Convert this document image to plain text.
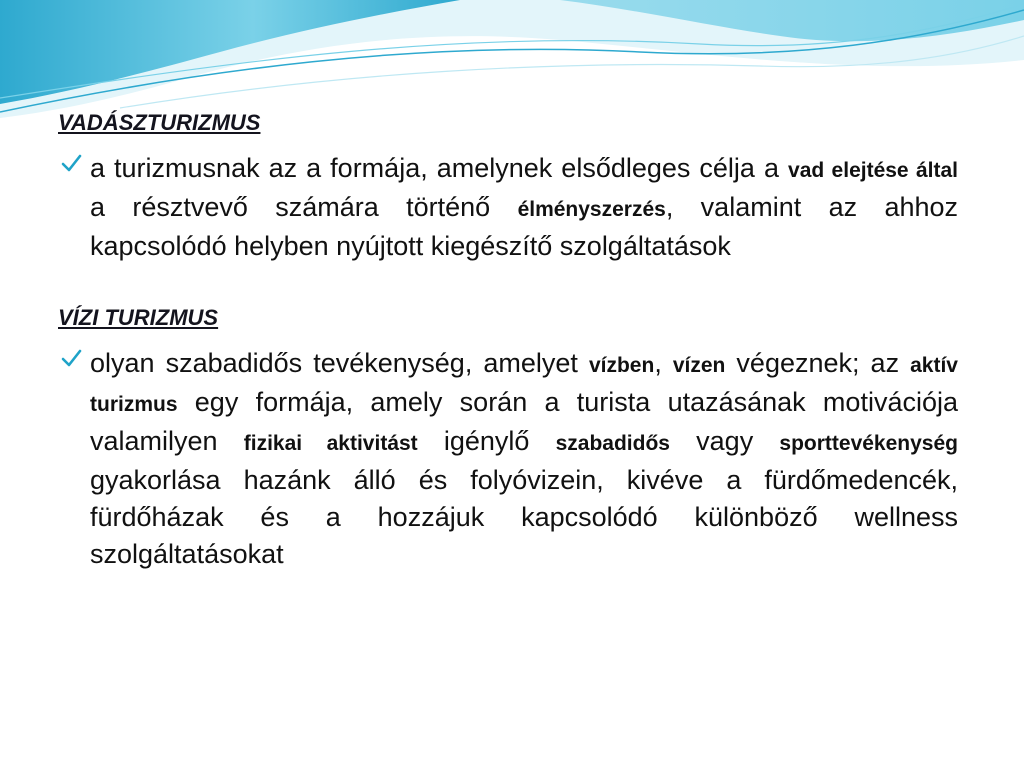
VADÁSZTURIZMUS

a turizmusnak az a formája, amelynek elsődleges célja a vad elejtése által a résztvevő számára történő élményszerzés, valamint az ahhoz kapcsolódó helyben nyújtott kiegészítő szolgáltatások

VÍZI TURIZMUS

olyan szabadidős tevékenység, amelyet vízben, vízen végeznek; az aktív turizmus egy formája, amely során a turista utazásának motivációja valamilyen fizikai aktivitást igénylő szabadidős vagy sporttevékenység gyakorlása hazánk álló és folyóvizein, kivéve a fürdőmedencék, fürdőházak és a hozzájuk kapcsolódó különböző wellness szolgáltatásokat
